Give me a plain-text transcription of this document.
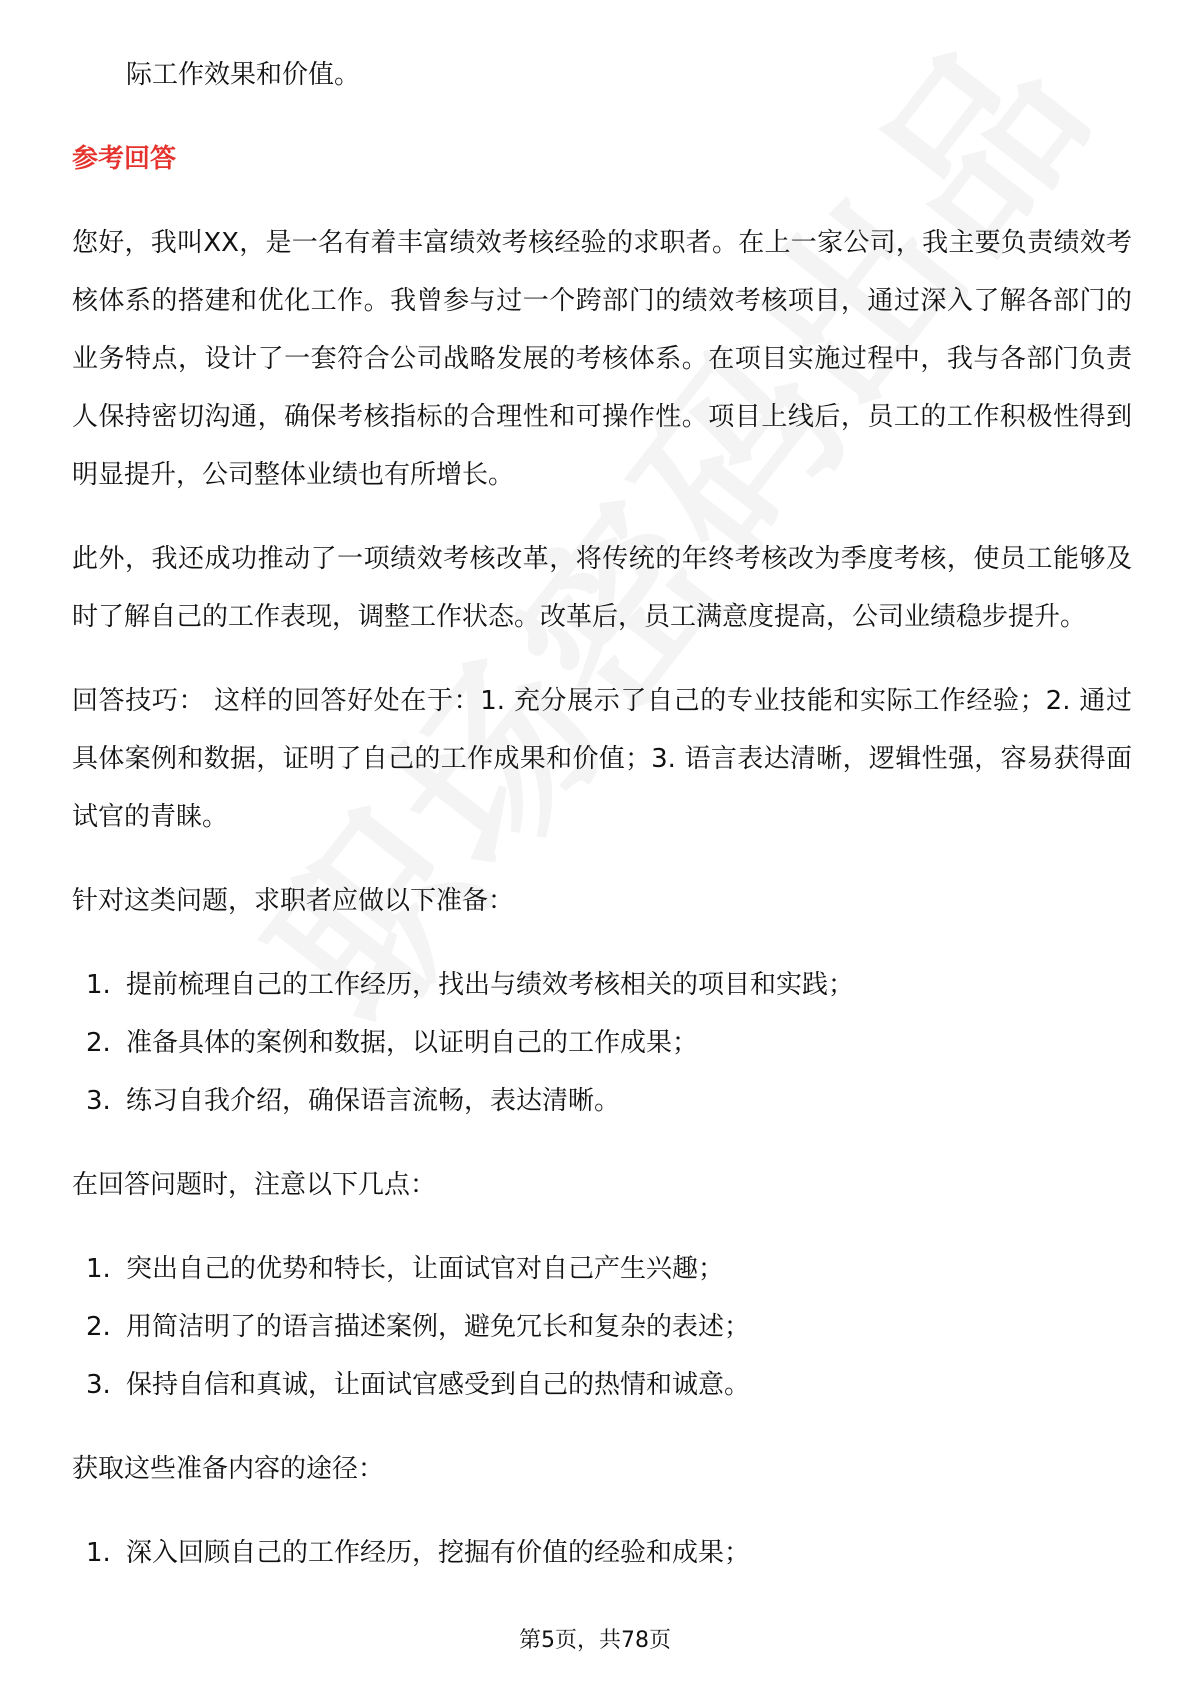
际工作效果和价值。
参考回答
您好，我叫XX，是一名有着丰富绩效考核经验的求职者。在上一家公司，我主要负责绩效考核体系的搭建和优化工作。我曾参与过一个跨部门的绩效考核项目，通过深入了解各部门的业务特点，设计了一套符合公司战略发展的考核体系。在项目实施过程中，我与各部门负责人保持密切沟通，确保考核指标的合理性和可操作性。项目上线后，员工的工作积极性得到明显提升，公司整体业绩也有所增长。
此外，我还成功推动了一项绩效考核改革，将传统的年终考核改为季度考核，使员工能够及时了解自己的工作表现，调整工作状态。改革后，员工满意度提高，公司业绩稳步提升。
回答技巧： 这样的回答好处在于：1. 充分展示了自己的专业技能和实际工作经验；2. 通过具体案例和数据，证明了自己的工作成果和价值；3. 语言表达清晰，逻辑性强，容易获得面试官的青睐。
针对这类问题，求职者应做以下准备：
1. 提前梳理自己的工作经历，找出与绩效考核相关的项目和实践；
2. 准备具体的案例和数据，以证明自己的工作成果；
3. 练习自我介绍，确保语言流畅，表达清晰。
在回答问题时，注意以下几点：
1. 突出自己的优势和特长，让面试官对自己产生兴趣；
2. 用简洁明了的语言描述案例，避免冗长和复杂的表述；
3. 保持自信和真诚，让面试官感受到自己的热情和诚意。
获取这些准备内容的途径：
1. 深入回顾自己的工作经历，挖掘有价值的经验和成果；
第5页，共78页
